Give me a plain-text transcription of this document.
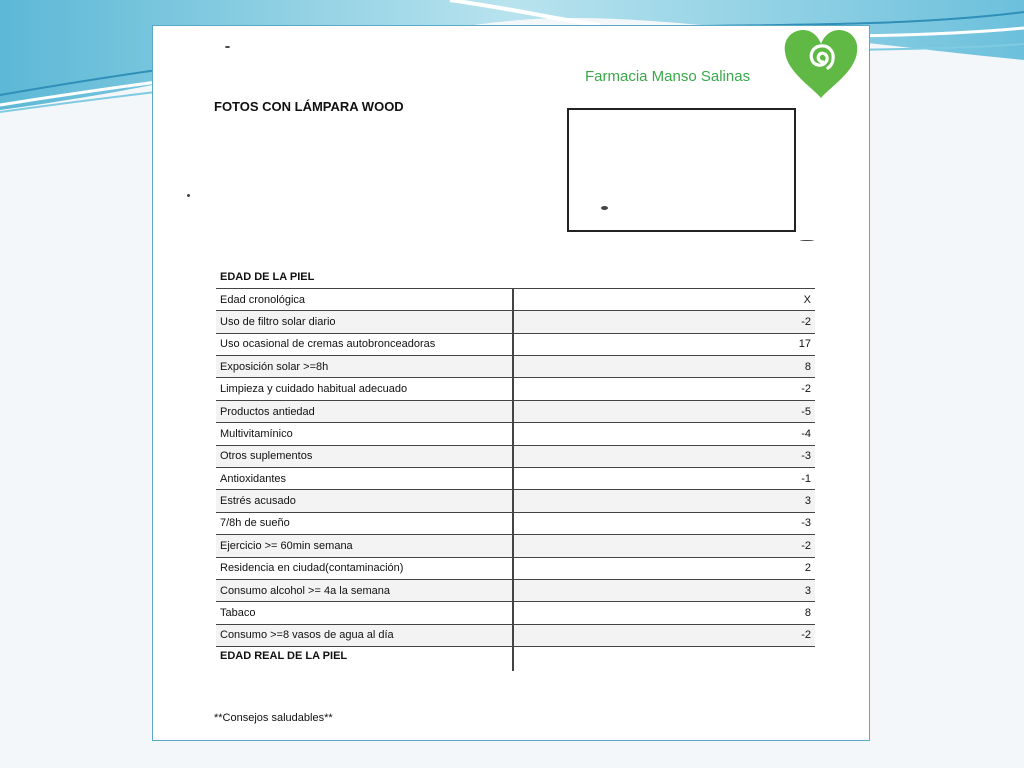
Farmacia Manso Salinas
FOTOS CON LÁMPARA WOOD
EDAD DE LA PIEL	
Edad cronológica	X
Uso de filtro solar diario	-2
Uso ocasional de cremas autobronceadoras	17
Exposición solar >=8h	8
Limpieza y cuidado habitual adecuado	-2
Productos antiedad	-5
Multivitamínico	-4
Otros suplementos	-3
Antioxidantes	-1
Estrés acusado	3
7/8h de sueño	-3
Ejercicio >= 60min semana	-2
Residencia en ciudad(contaminación)	2
Consumo alcohol >= 4a la semana	3
Tabaco	8
Consumo >=8 vasos de agua al día	-2
EDAD REAL DE LA PIEL	
**Consejos saludables**
